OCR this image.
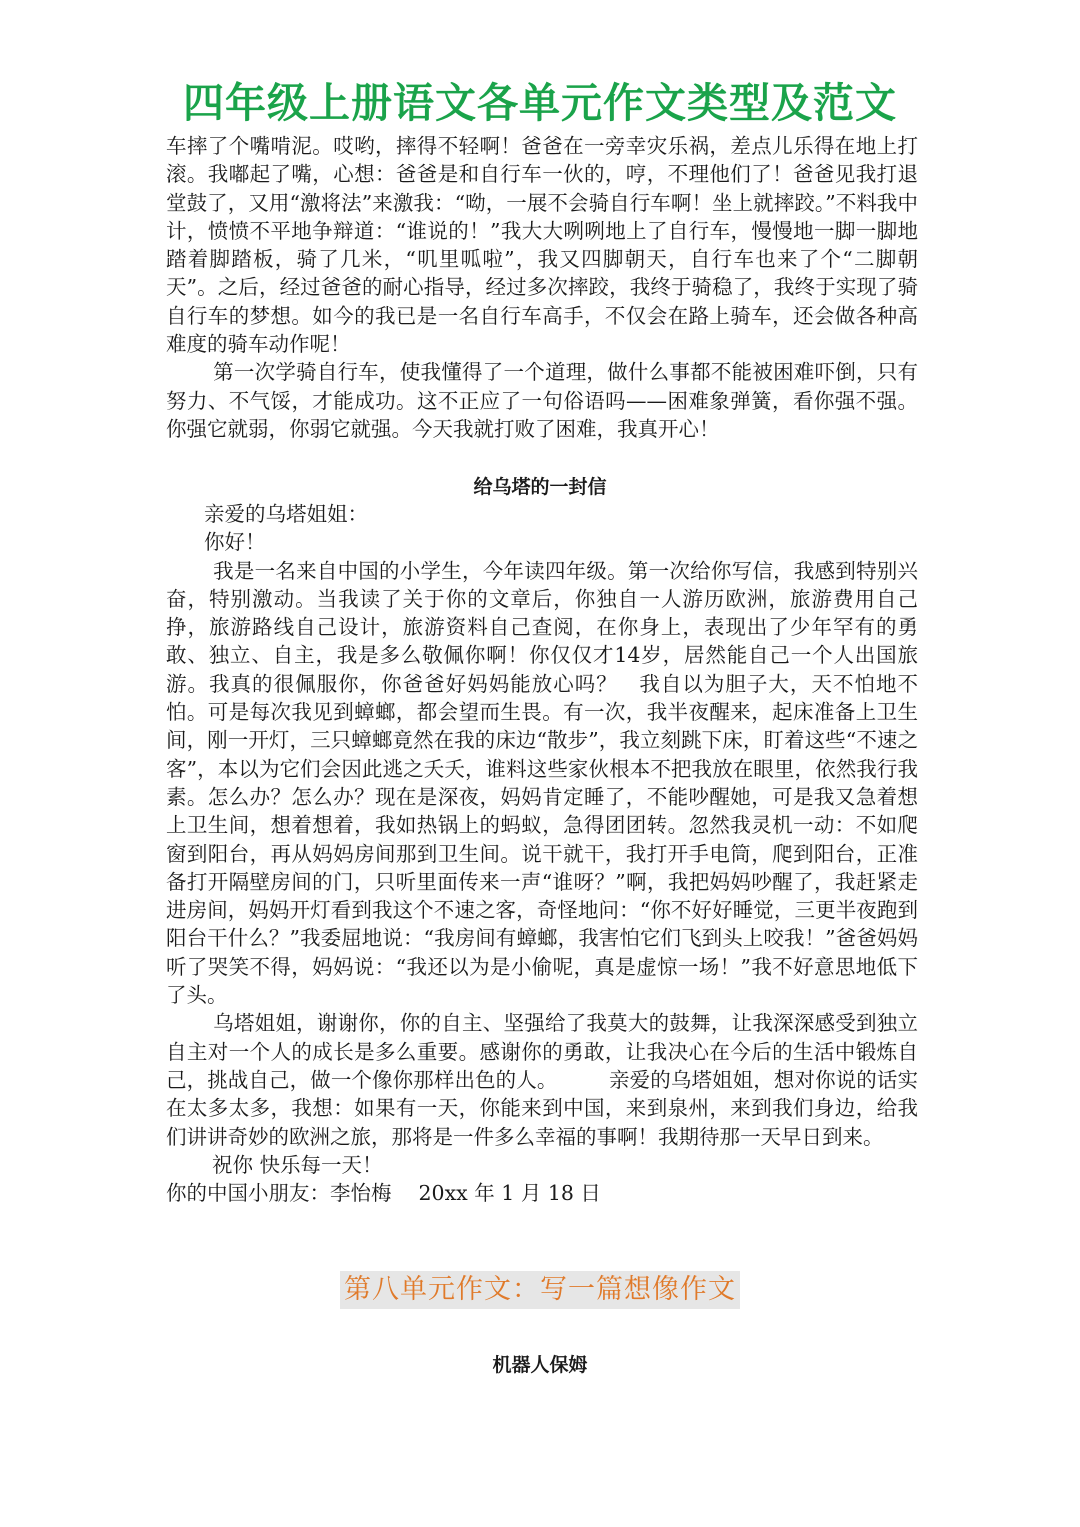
四年级上册语文各单元作文类型及范文

车摔了个嘴啃泥。哎哟，摔得不轻啊！爸爸在一旁幸灾乐祸，差点儿乐得在地上打滚。我嘟起了嘴，心想：爸爸是和自行车一伙的，哼，不理他们了！爸爸见我打退堂鼓了，又用“激将法”来激我：“呦，一展不会骑自行车啊！坐上就摔跤。”不料我中计，愤愤不平地争辩道：“谁说的！”我大大咧咧地上了自行车，慢慢地一脚一脚地踏着脚踏板，骑了几米，“叽里呱啦”，我又四脚朝天，自行车也来了个“二脚朝天”。之后，经过爸爸的耐心指导，经过多次摔跤，我终于骑稳了，我终于实现了骑自行车的梦想。如今的我已是一名自行车高手，不仅会在路上骑车，还会做各种高难度的骑车动作呢！

第一次学骑自行车，使我懂得了一个道理，做什么事都不能被困难吓倒，只有努力、不气馁，才能成功。这不正应了一句俗语吗——困难象弹簧，看你强不强。你强它就弱，你弱它就强。今天我就打败了困难，我真开心！

给乌塔的一封信

亲爱的乌塔姐姐：

你好！

我是一名来自中国的小学生，今年读四年级。第一次给你写信，我感到特别兴奋，特别激动。当我读了关于你的文章后，你独自一人游历欧洲，旅游费用自己挣，旅游路线自己设计，旅游资料自己查阅，在你身上，表现出了少年罕有的勇敢、独立、自主，我是多么敬佩你啊！你仅仅才14岁，居然能自己一个人出国旅游。我真的很佩服你，你爸爸好妈妈能放心吗？　我自以为胆子大，天不怕地不怕。可是每次我见到蟑螂，都会望而生畏。有一次，我半夜醒来，起床准备上卫生间，刚一开灯，三只蟑螂竟然在我的床边“散步”，我立刻跳下床，盯着这些“不速之客”，本以为它们会因此逃之夭夭，谁料这些家伙根本不把我放在眼里，依然我行我素。怎么办？怎么办？现在是深夜，妈妈肯定睡了，不能吵醒她，可是我又急着想上卫生间，想着想着，我如热锅上的蚂蚁，急得团团转。忽然我灵机一动：不如爬窗到阳台，再从妈妈房间那到卫生间。说干就干，我打开手电筒，爬到阳台，正准备打开隔壁房间的门，只听里面传来一声“谁呀？”啊，我把妈妈吵醒了，我赶紧走进房间，妈妈开灯看到我这个不速之客，奇怪地问：“你不好好睡觉，三更半夜跑到阳台干什么？”我委屈地说：“我房间有蟑螂，我害怕它们飞到头上咬我！”爸爸妈妈听了哭笑不得，妈妈说：“我还以为是小偷呢，真是虚惊一场！”我不好意思地低下了头。

乌塔姐姐，谢谢你，你的自主、坚强给了我莫大的鼓舞，让我深深感受到独立自主对一个人的成长是多么重要。感谢你的勇敢，让我决心在今后的生活中锻炼自己，挑战自己，做一个像你那样出色的人。　　　亲爱的乌塔姐姐，想对你说的话实在太多太多，我想：如果有一天，你能来到中国，来到泉州，来到我们身边，给我们讲讲奇妙的欧洲之旅，那将是一件多么幸福的事啊！我期待那一天早日到来。

祝你 快乐每一天！

你的中国小朋友：李怡梅　 20xx 年 1 月 18 日

第八单元作文：写一篇想像作文
机器人保姆
